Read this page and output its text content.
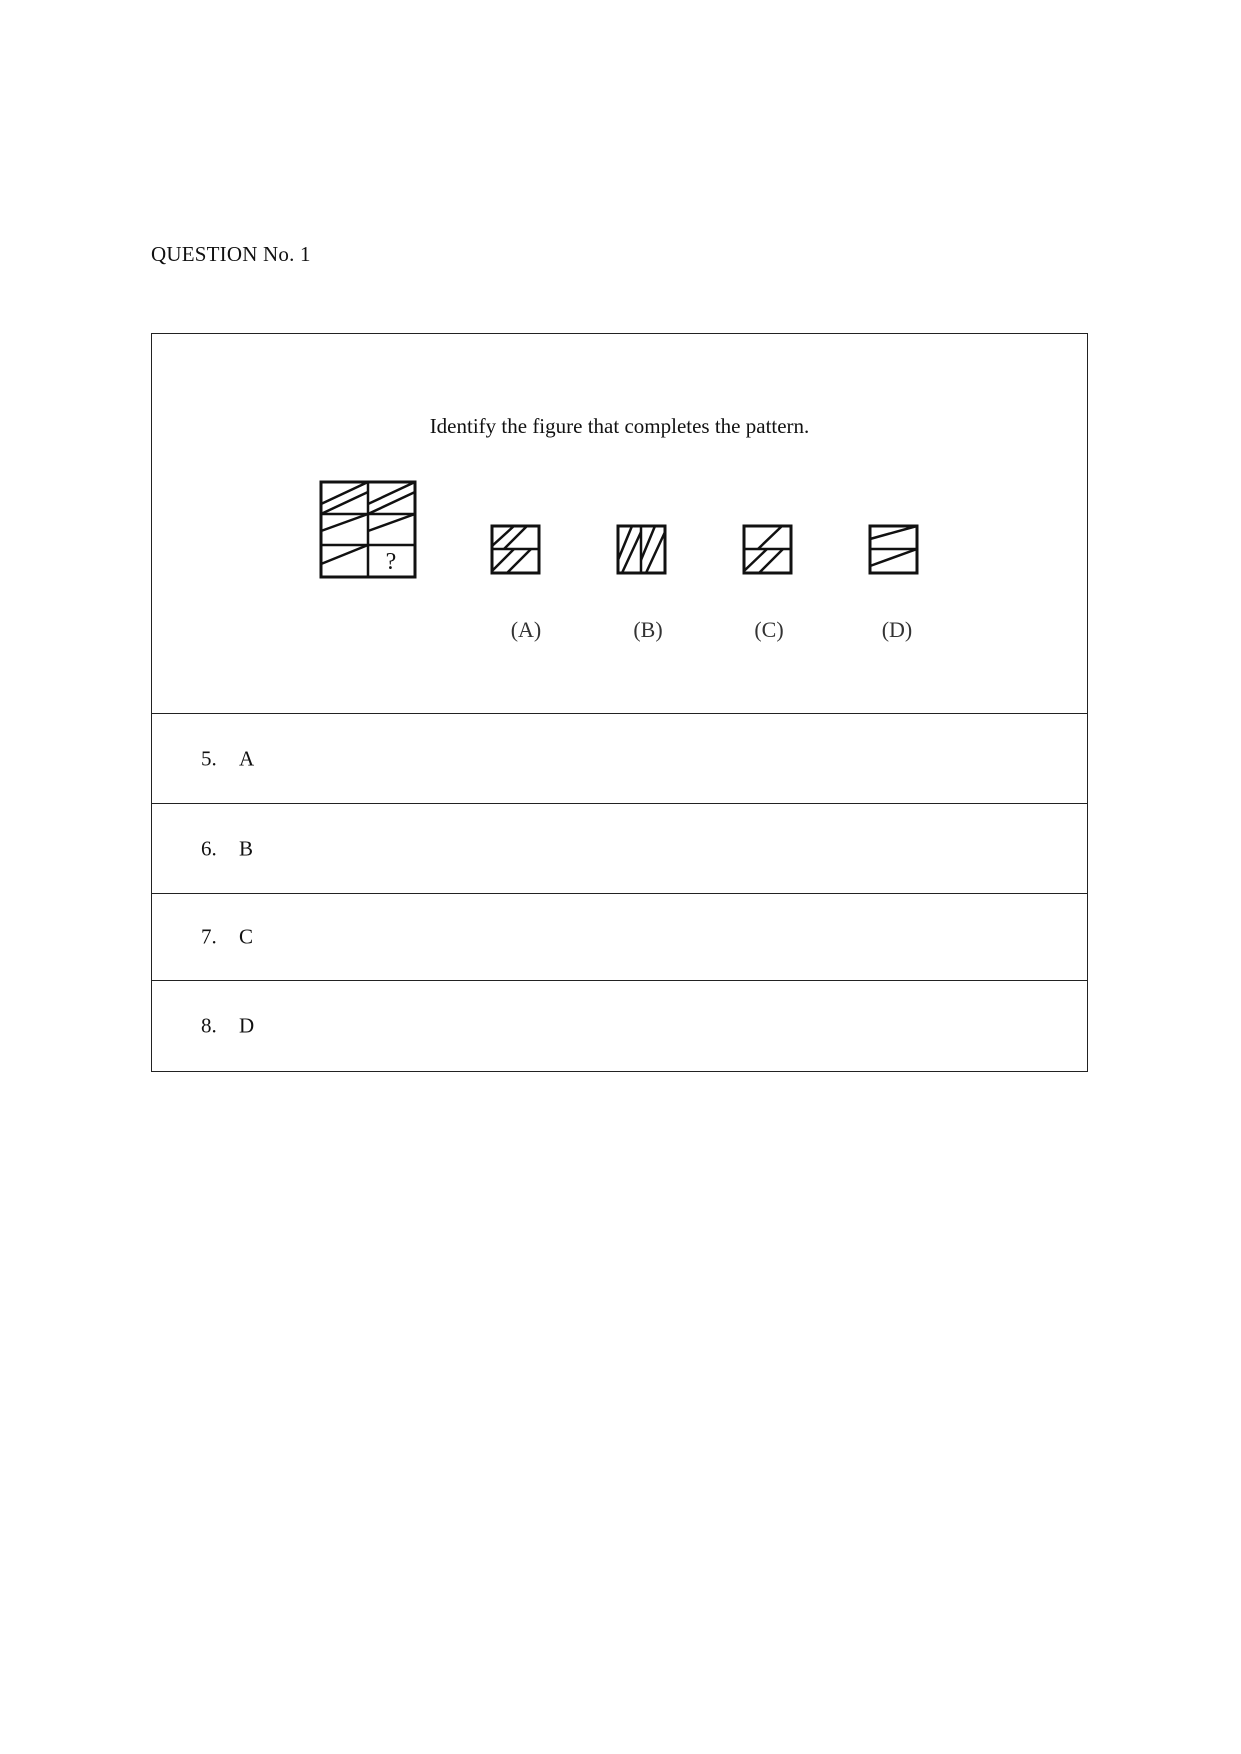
QUESTION No. 1
Identify the figure that completes the pattern.
?
(A)	(B)	(C)	(D)
5. A
6. B
7. C
8. D
